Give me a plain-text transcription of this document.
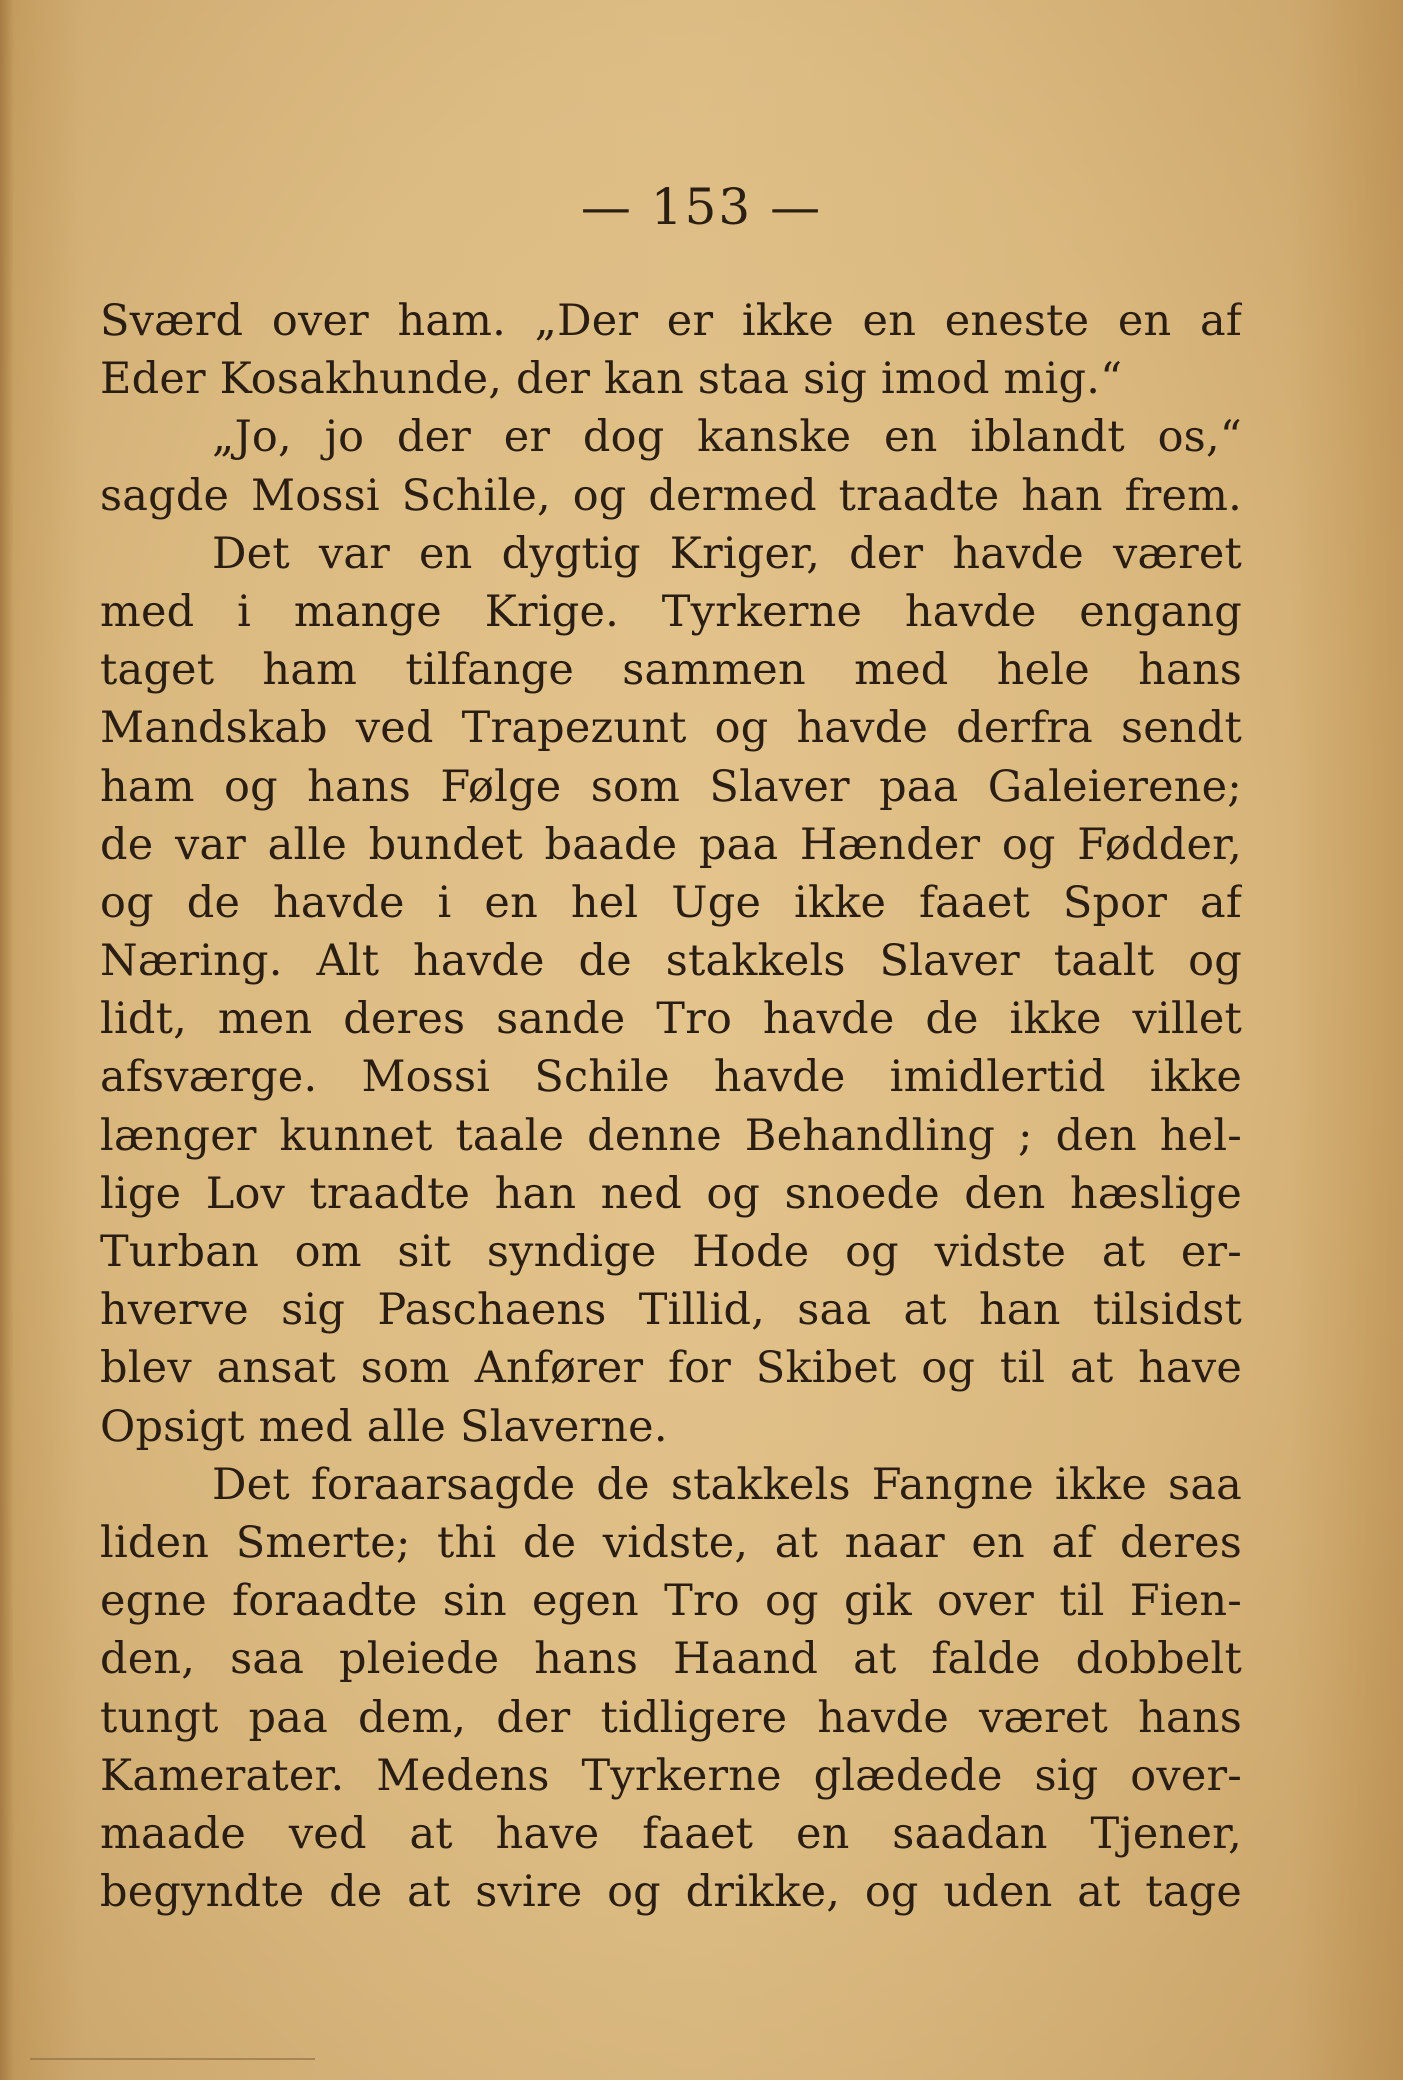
— 153 —
Sværd over ham. „Der er ikke en eneste en af
Eder Kosakhunde, der kan staa sig imod mig.“
„Jo, jo der er dog kanske en iblandt os,“
sagde Mossi Schile, og dermed traadte han frem.
Det var en dygtig Kriger, der havde været
med i mange Krige. Tyrkerne havde engang
taget ham tilfange sammen med hele hans
Mandskab ved Trapezunt og havde derfra sendt
ham og hans Følge som Slaver paa Galeierene;
de var alle bundet baade paa Hænder og Fødder,
og de havde i en hel Uge ikke faaet Spor af
Næring. Alt havde de stakkels Slaver taalt og
lidt, men deres sande Tro havde de ikke villet
afsværge. Mossi Schile havde imidlertid ikke
længer kunnet taale denne Behandling ; den hel-
lige Lov traadte han ned og snoede den hæslige
Turban om sit syndige Hode og vidste at er-
hverve sig Paschaens Tillid, saa at han tilsidst
blev ansat som Anfører for Skibet og til at have
Opsigt med alle Slaverne.
Det foraarsagde de stakkels Fangne ikke saa
liden Smerte; thi de vidste, at naar en af deres
egne foraadte sin egen Tro og gik over til Fien-
den, saa pleiede hans Haand at falde dobbelt
tungt paa dem, der tidligere havde været hans
Kamerater. Medens Tyrkerne glædede sig over-
maade ved at have faaet en saadan Tjener,
begyndte de at svire og drikke, og uden at tage
